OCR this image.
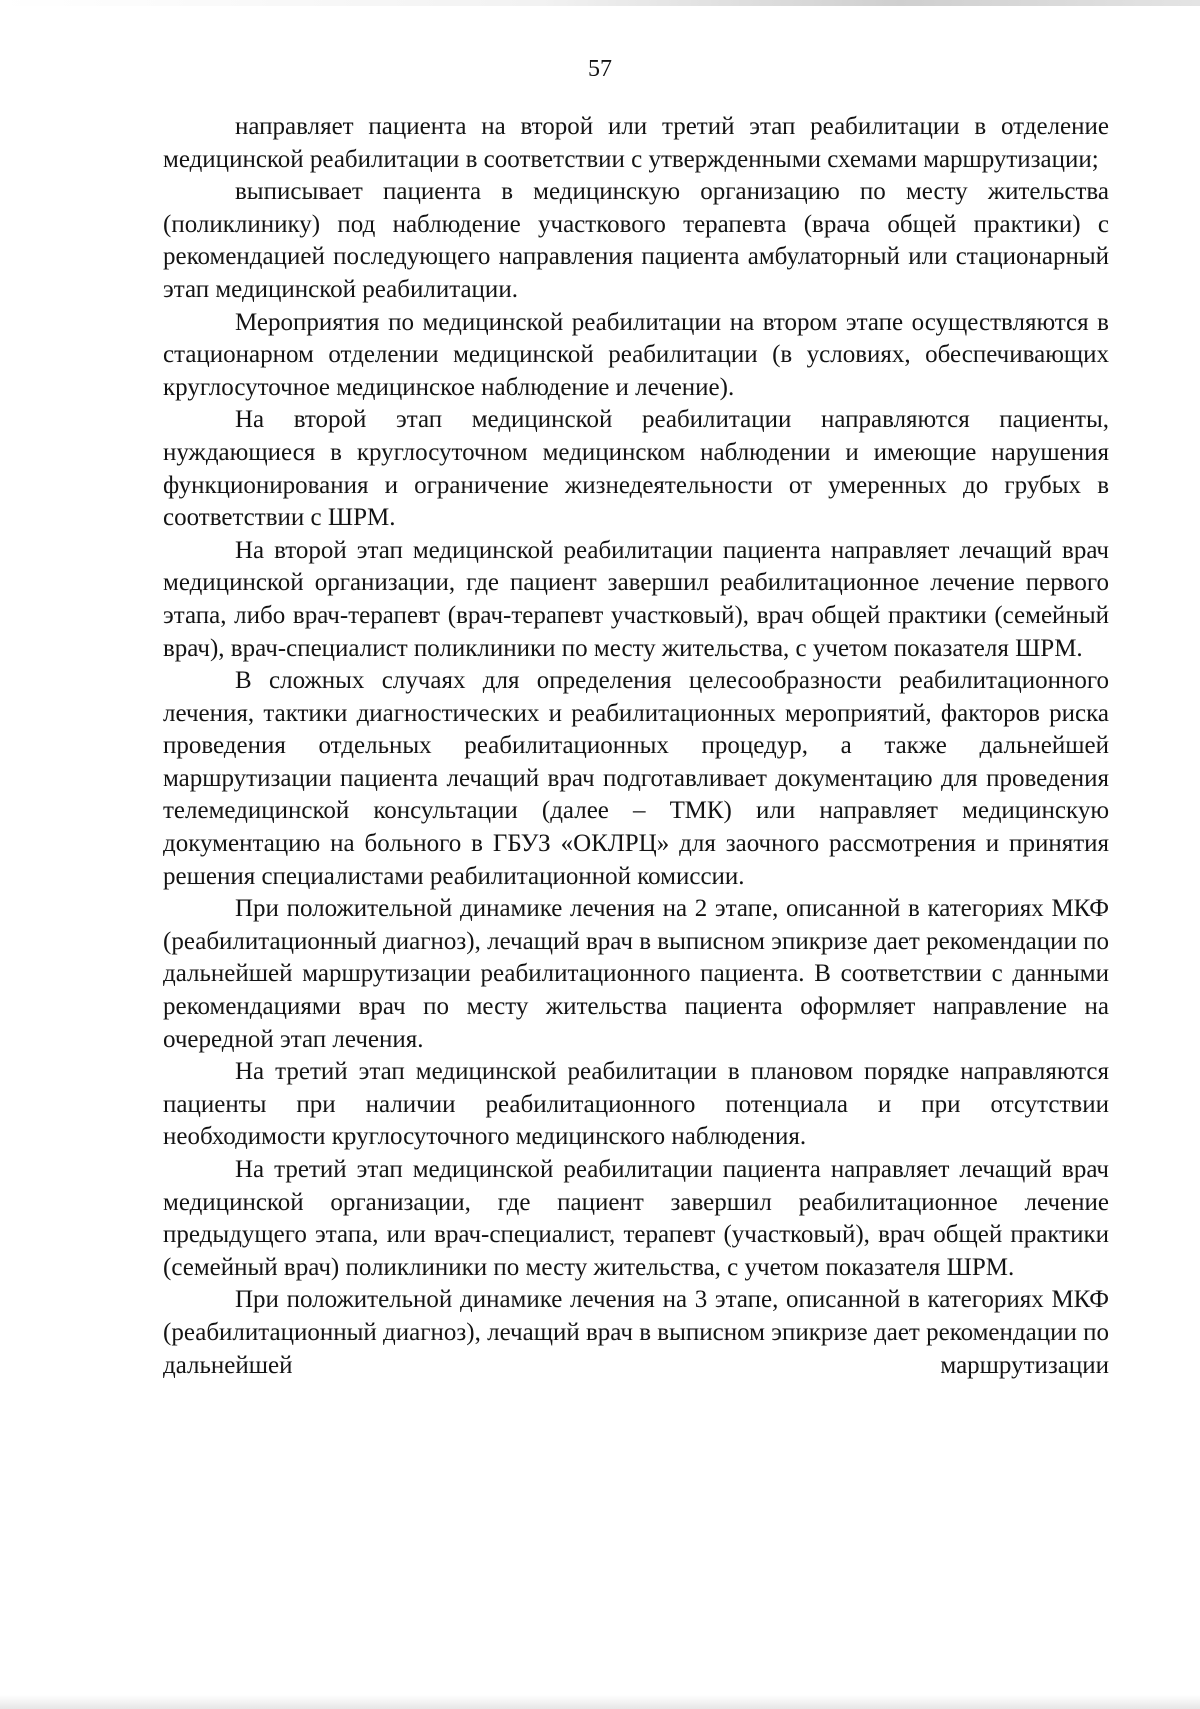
57

направляет пациента на второй или третий этап реабилитации в отделение медицинской реабилитации в соответствии с утвержденными схемами маршрутизации;

выписывает пациента в медицинскую организацию по месту жительства (поликлинику) под наблюдение участкового терапевта (врача общей практики) с рекомендацией последующего направления пациента амбулаторный или стационарный этап медицинской реабилитации.

Мероприятия по медицинской реабилитации на втором этапе осуществляются в стационарном отделении медицинской реабилитации (в условиях, обеспечивающих круглосуточное медицинское наблюдение и лечение).

На второй этап медицинской реабилитации направляются пациенты, нуждающиеся в круглосуточном медицинском наблюдении и имеющие нарушения функционирования и ограничение жизнедеятельности от умеренных до грубых в соответствии с ШРМ.

На второй этап медицинской реабилитации пациента направляет лечащий врач медицинской организации, где пациент завершил реабилитационное лечение первого этапа, либо врач-терапевт (врач-терапевт участковый), врач общей практики (семейный врач), врач-специалист поликлиники по месту жительства, с учетом показателя ШРМ.

В сложных случаях для определения целесообразности реабилитационного лечения, тактики диагностических и реабилитационных мероприятий, факторов риска проведения отдельных реабилитационных процедур, а также дальнейшей маршрутизации пациента лечащий врач подготавливает документацию для проведения телемедицинской консультации (далее – ТМК) или направляет медицинскую документацию на больного в ГБУЗ «ОКЛРЦ» для заочного рассмотрения и принятия решения специалистами реабилитационной комиссии.

При положительной динамике лечения на 2 этапе, описанной в категориях МКФ (реабилитационный диагноз), лечащий врач в выписном эпикризе дает рекомендации по дальнейшей маршрутизации реабилитационного пациента. В соответствии с данными рекомендациями врач по месту жительства пациента оформляет направление на очередной этап лечения.

На третий этап медицинской реабилитации в плановом порядке направляются пациенты при наличии реабилитационного потенциала и при отсутствии необходимости круглосуточного медицинского наблюдения.

На третий этап медицинской реабилитации пациента направляет лечащий врач медицинской организации, где пациент завершил реабилитационное лечение предыдущего этапа, или врач-специалист, терапевт (участковый), врач общей практики (семейный врач) поликлиники по месту жительства, с учетом показателя ШРМ.

При положительной динамике лечения на 3 этапе, описанной в категориях МКФ (реабилитационный диагноз), лечащий врач в выписном эпикризе дает рекомендации по дальнейшей маршрутизации
